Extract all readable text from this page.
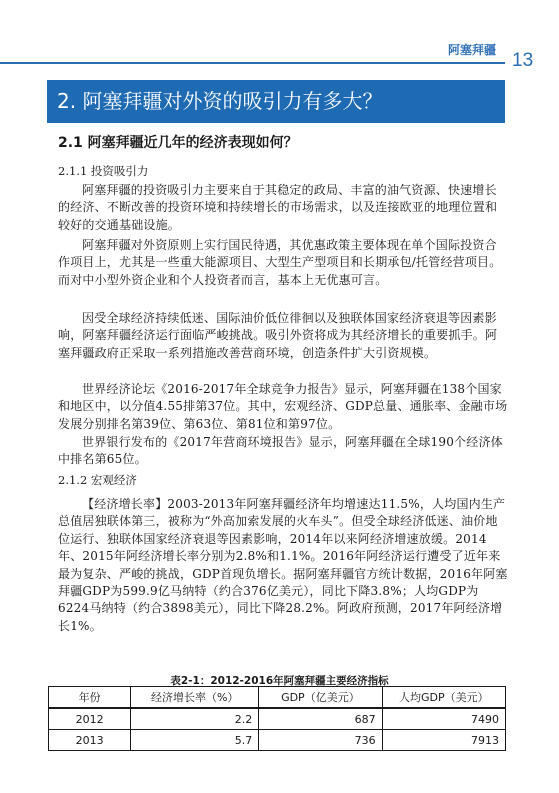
阿塞拜疆 13
2. 阿塞拜疆对外资的吸引力有多大？
2.1 阿塞拜疆近几年的经济表现如何？
2.1.1 投资吸引力

阿塞拜疆的投资吸引力主要来自于其稳定的政局、丰富的油气资源、快速增长的经济、不断改善的投资环境和持续增长的市场需求，以及连接欧亚的地理位置和较好的交通基础设施。

阿塞拜疆对外资原则上实行国民待遇，其优惠政策主要体现在单个国际投资合作项目上，尤其是一些重大能源项目、大型生产型项目和长期承包/托管经营项目。而对中小型外资企业和个人投资者而言，基本上无优惠可言。

因受全球经济持续低迷、国际油价低位徘徊以及独联体国家经济衰退等因素影响，阿塞拜疆经济运行面临严峻挑战。吸引外资将成为其经济增长的重要抓手。阿塞拜疆政府正采取一系列措施改善营商环境，创造条件扩大引资规模。

世界经济论坛《2016-2017年全球竞争力报告》显示，阿塞拜疆在138个国家和地区中，以分值4.55排第37位。其中，宏观经济、GDP总量、通胀率、金融市场发展分别排名第39位、第63位、第81位和第97位。

世界银行发布的《2017年营商环境报告》显示，阿塞拜疆在全球190个经济体中排名第65位。

2.1.2 宏观经济

【经济增长率】2003-2013年阿塞拜疆经济年均增速达11.5%，人均国内生产总值居独联体第三，被称为“外高加索发展的火车头”。但受全球经济低迷、油价地位运行、独联体国家经济衰退等因素影响，2014年以来阿经济增速放缓。2014年、2015年阿经济增长率分别为2.8%和1.1%。2016年阿经济运行遭受了近年来最为复杂、严峻的挑战，GDP首现负增长。据阿塞拜疆官方统计数据，2016年阿塞拜疆GDP为599.9亿马纳特（约合376亿美元），同比下降3.8%；人均GDP为6224马纳特（约合3898美元），同比下降28.2%。阿政府预测，2017年阿经济增长1%。

表2-1：2012-2016年阿塞拜疆主要经济指标
年份	经济增长率（%）	GDP（亿美元）	人均GDP（美元）
2012	2.2	687	7490
2013	5.7	736	7913
